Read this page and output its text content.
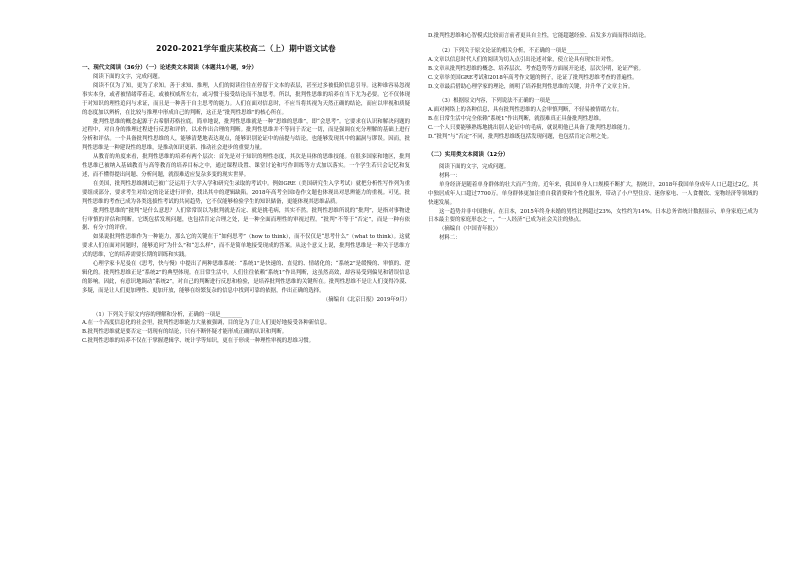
2020-2021学年重庆某校高二（上）期中语文试卷
一、现代文阅读（36分）（一）论述类文本阅读（本题共1小题，9分）

阅读下面的文字，完成问题。

阅读不仅为了知，更为了求知。善于求知、推理，人们的阅读往往在停留于文本的表层，甚至过多被低阶信息引导。这种谁容易忽视事实本身，或者被情绪带着走，或被权威所左右，或习惯于接受结论而不加思考。所以，批判性思维的培养在当下尤为必要。它不仅体现于对知识的理性追问与求证，而且是一种善于自主思考的能力。人们在面对信息时，不应当将其视为天然正确的结论，而应以审视和质疑的态度加以辨析，在比较与推理中形成自己的判断，这正是“批判性思维”的核心所在。

批判性思维的概念起源于古希腊苏格拉底。简单地说，批判性思维就是一种“思维的思维”，即“会思考”。它要求在认识和解决问题的过程中，对自身的推理过程进行反思和评价，以求作出合理的判断。批判性思维并不等同于否定一切，而是强调在充分理解的基础上进行分析和评估。一个具备批判性思维的人，能够清楚地表达观点，能够识别论证中的前提与结论，也能够发现其中的漏洞与谬误。因而，批判性思维是一种建设性的思维，是推动知识更新、推动社会进步的重要力量。

从教育的角度来看，批判性思维的培养有两个层次：首先是对于知识的理性态度，其次是具体的思维技能。在很多国家和地区，批判性思维已被纳入基础教育与高等教育的培养目标之中，通过课程设置、课堂讨论和写作训练等方式加以落实。一个学生若只会记忆和复述，而不懂得提出问题、分析问题，就很难适应复杂多变的现实世界。

在美国，批判性思维测试已被广泛运用于大学入学和研究生录取的考试中。例如GRE（美国研究生入学考试）就把分析性写作列为重要组成部分，要求考生对给定的论证进行评价，找出其中的逻辑缺陷。2018年高考全国Ⅰ卷作文题也体现出对思辨能力的重视。可见，批判性思维的考查已成为各类选拔性考试的共同趋势，它不仅能够检验学生的知识储备，更能体现其思维品质。

批判性思维的“批判”是什么意思？人们常常误以为批判就是否定、就是挑毛病，其实不然。批判性思维所说的“批判”，是指对事物进行审慎的评估和判断。它既包括发现问题，也包括肯定合理之处，是一种全面而理性的审视过程。“批判”不等于“否定”，而是一种有依据、有分寸的评价。

如果说批判性思维作为一种能力，那么它的关键在于“如何思考”（how to think），而不仅仅是“思考什么”（what to think）。这就要求人们在面对问题时，能够追问“为什么”和“怎么样”，而不是简单地接受现成的答案。从这个意义上说，批判性思维是一种关于思维方式的思维，它的培养需要长期的训练和实践。

心理学家卡尼曼在《思考，快与慢》中提出了两种思维系统：“系统1”是快速的、直觉的、情绪化的；“系统2”是缓慢的、审慎的、逻辑化的。批判性思维正是“系统2”的典型体现。在日常生活中，人们往往依赖“系统1”作出判断，这虽然高效，却容易受到偏见和错误信息的影响。因此，有意识地调动“系统2”，对自己的判断进行反思和检验，是培养批判性思维的关键所在。批判性思维不是让人们变得冷漠、多疑，而是让人们更加理性、更加开放，能够在纷繁复杂的信息中找到可靠的依据，作出正确的选择。

（摘编自《北京日报》2019年9月）

（1）下列关于原文内容的理解和分析，正确的一项是________

A.在一个高度信息化的社会里，批判性思维能力大量被强调，目的是为了让人们更好地接受各种新信息。

B.批判性思维就是要否定一切现有的结论，只有不断怀疑才能形成正确的认识和判断。

C.批判性思维的培养不仅在于掌握逻辑学、统计学等知识，更在于形成一种理性审视的思维习惯。

D.批判性思维和心智模式比较而言前者更具自主性，它能超越经验、启发多方面而得出结论。

（2）下列关于原文论证的相关分析，不正确的一项是________

A.文章以信息时代人们的阅读为切入点引出论述对象，使立论具有现实针对性。

B.文章从批判性思维的概念、培养层次、考查趋势等方面展开论述，层次分明，论证严密。

C.文章举美国GRE考试和2018年高考作文题的例子，论证了批判性思维考查的普遍性。

D.文章最后借助心理学家的理论，阐明了培养批判性思维的关键，并升华了文章主旨。

（3）根据原文内容，下列说法不正确的一项是________

A.面对网络上的各种信息，具有批判性思维的人会审慎判断，不轻易被情绪左右。

B.在日常生活中完全依赖“系统1”作出判断，就很难真正具备批判性思维。

C.一个人只要能够熟练地挑出别人论证中的毛病，就说明他已具备了批判性思维能力。

D.“批判”与“否定”不同，批判性思维既包括发现问题，也包括肯定合理之处。

（二）实用类文本阅读（12分）

阅读下面的文字，完成问题。

材料一：

单身经济是随着单身群体的壮大而产生的。近年来，我国单身人口规模不断扩大，据统计，2018年我国单身成年人口已超过2亿，其中独居成年人口超过7700万。单身群体更加注重自我消费和个性化服务，带动了小户型住房、迷你家电、一人食餐饮、宠物经济等领域的快速发展。

这一趋势并非中国独有。在日本，2015年终身未婚的男性比例超过23%，女性约为14%。日本总务省统计数据显示，单身家庭已成为日本最主要的家庭形态之一，“一人经济”已成为社会关注的热点。

（摘编自《中国青年报》）

材料二：
